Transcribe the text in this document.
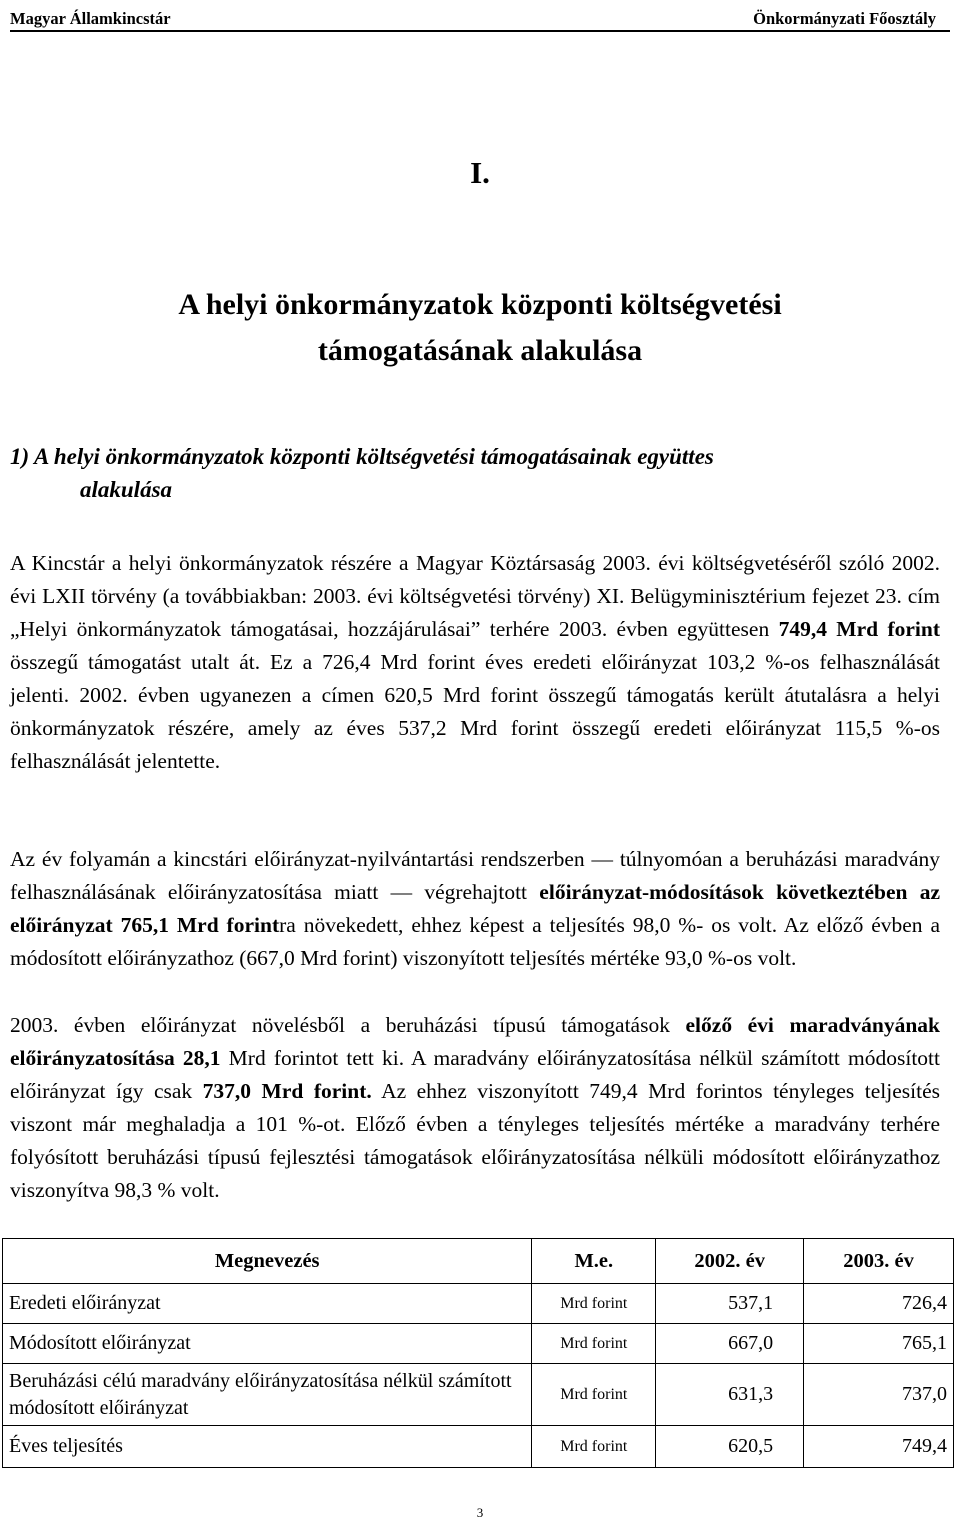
Magyar Államkincstár	Önkormányzati Főosztály
I.
A helyi önkormányzatok központi költségvetési
támogatásának alakulása
1) A helyi önkormányzatok központi költségvetési támogatásainak együttes
alakulása

A Kincstár a helyi önkormányzatok részére a Magyar Köztársaság 2003. évi költségvetéséről szóló 2002. évi LXII törvény (a továbbiakban: 2003. évi költségvetési törvény) XI. Belügyminisztérium fejezet 23. cím „Helyi önkormányzatok támogatásai, hozzájárulásai” terhére 2003. évben együttesen 749,4 Mrd forint összegű támogatást utalt át. Ez a 726,4 Mrd forint éves eredeti előirányzat 103,2 %-os felhasználását jelenti. 2002. évben ugyanezen a címen 620,5 Mrd forint összegű támogatás került átutalásra a helyi önkormányzatok részére, amely az éves 537,2 Mrd forint összegű eredeti előirányzat 115,5 %-os felhasználását jelentette.

Az év folyamán a kincstári előirányzat-nyilvántartási rendszerben — túlnyomóan a beruházási maradvány felhasználásának előirányzatosítása miatt — végrehajtott előirányzat-módosítások következtében az előirányzat 765,1 Mrd forintra növekedett, ehhez képest a teljesítés 98,0 %- os volt. Az előző évben a módosított előirányzathoz (667,0 Mrd forint) viszonyított teljesítés mértéke 93,0 %-os volt.

2003. évben előirányzat növelésből a beruházási típusú támogatások előző évi maradványának előirányzatosítása 28,1 Mrd forintot tett ki. A maradvány előirányzatosítása nélkül számított módosított előirányzat így csak 737,0 Mrd forint. Az ehhez viszonyított 749,4 Mrd forintos tényleges teljesítés viszont már meghaladja a 101 %-ot. Előző évben a tényleges teljesítés mértéke a maradvány terhére folyósított beruházási típusú fejlesztési támogatások előirányzatosítása nélküli módosított előirányzathoz viszonyítva 98,3 % volt.

Megnevezés	M.e.	2002. év	2003. év
Eredeti előirányzat	Mrd forint	537,1	726,4
Módosított előirányzat	Mrd forint	667,0	765,1
Beruházási célú maradvány előirányzatosítása nélkül számított módosított előirányzat	Mrd forint	631,3	737,0
Éves teljesítés	Mrd forint	620,5	749,4
3
